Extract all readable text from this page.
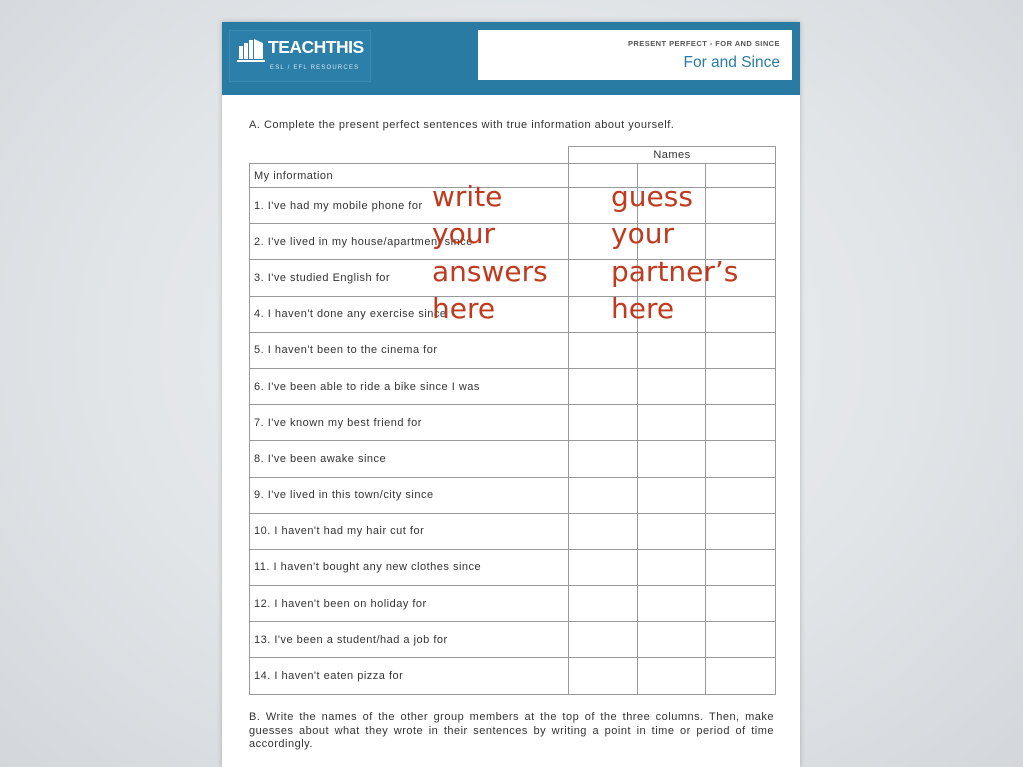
TEACHTHIS
ESL / EFL RESOURCES
PRESENT PERFECT - FOR AND SINCE
For and Since
A. Complete the present perfect sentences with true information about yourself.
	Names		
My information			
1. I've had my mobile phone for			
2. I've lived in my house/apartment since			
3. I've studied English for			
4. I haven't done any exercise since			
5. I haven't been to the cinema for			
6. I've been able to ride a bike since I was			
7. I've known my best friend for			
8. I've been awake since			
9. I've lived in this town/city since			
10. I haven't had my hair cut for			
11. I haven't bought any new clothes since			
12. I haven't been on holiday for			
13. I've been a student/had a job for			
14. I haven't eaten pizza for			
B. Write the names of the other group members at the top of the three columns. Then, make guesses about what they wrote in their sentences by writing a point in time or period of time accordingly.
write
your
answers
here
guess
your
partner’s
here
